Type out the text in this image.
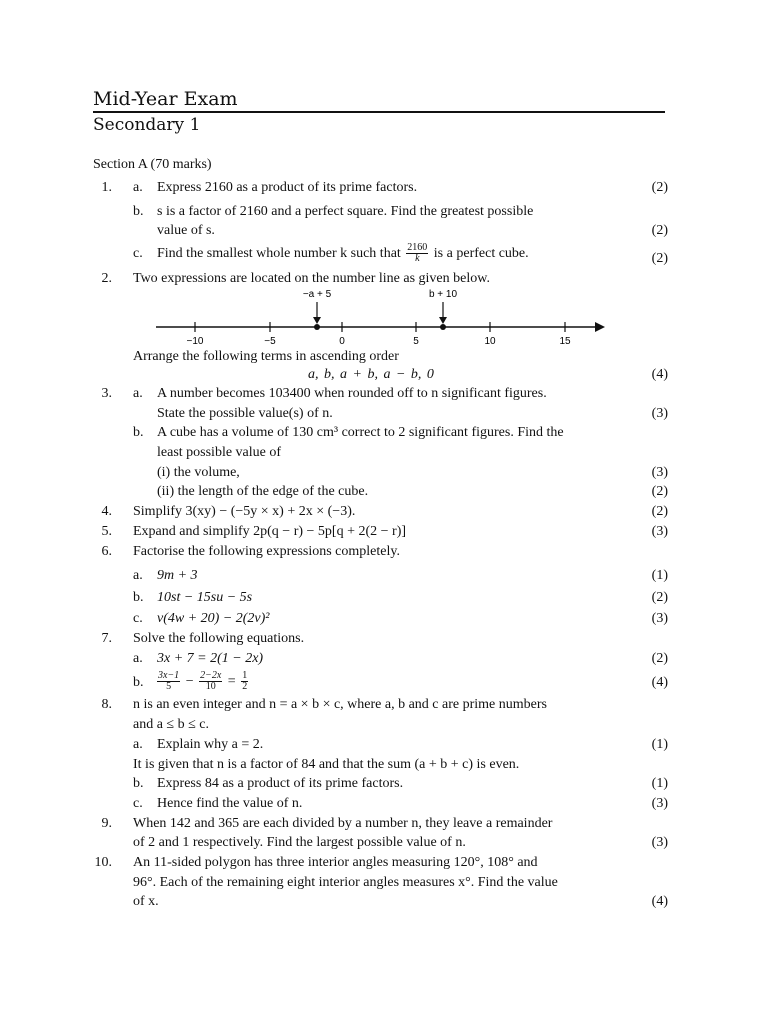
Mid-Year Exam
Secondary 1
Section A (70 marks)
1. a. Express 2160 as a product of its prime factors.	(2)
b. s is a factor of 2160 and a perfect square. Find the greatest possible
value of s.	(2)
c. Find the smallest whole number k such that $\frac{2160}{k}$ is a perfect cube.	(2)
2. Two expressions are located on the number line as given below.
−10	−5	0	5	10	15
−a + 5	b + 10
Arrange the following terms in ascending order
a, b, a + b, a − b, 0	(4)
3. a. A number becomes 103400 when rounded off to n significant figures.
State the possible value(s) of n.	(3)
b. A cube has a volume of 130 cm³ correct to 2 significant figures. Find the
least possible value of
(i) the volume,	(3)
(ii) the length of the edge of the cube.	(2)
4. Simplify 3(xy) − (−5y × x) + 2x × (−3).	(2)
5. Expand and simplify 2p(q − r) − 5p[q + 2(2 − r)]	(3)
6. Factorise the following expressions completely.
a. 9m + 3	(1)
b. 10st − 15su − 5s	(2)
c. v(4w + 20) − 2(2v)²	(3)
7. Solve the following equations.
a. 3x + 7 = 2(1 − 2x)	(2)
b. $\frac{3x-1}{5} - \frac{2-2x}{10} = \frac{1}{2}$	(4)
8. n is an even integer and n = a × b × c, where a, b and c are prime numbers
and a ≤ b ≤ c.
a. Explain why a = 2.	(1)
It is given that n is a factor of 84 and that the sum (a + b + c) is even.
b. Express 84 as a product of its prime factors.	(1)
c. Hence find the value of n.	(3)
9. When 142 and 365 are each divided by a number n, they leave a remainder
of 2 and 1 respectively. Find the largest possible value of n.	(3)
10. An 11-sided polygon has three interior angles measuring 120°, 108° and
96°. Each of the remaining eight interior angles measures x°. Find the value
of x.	(4)
